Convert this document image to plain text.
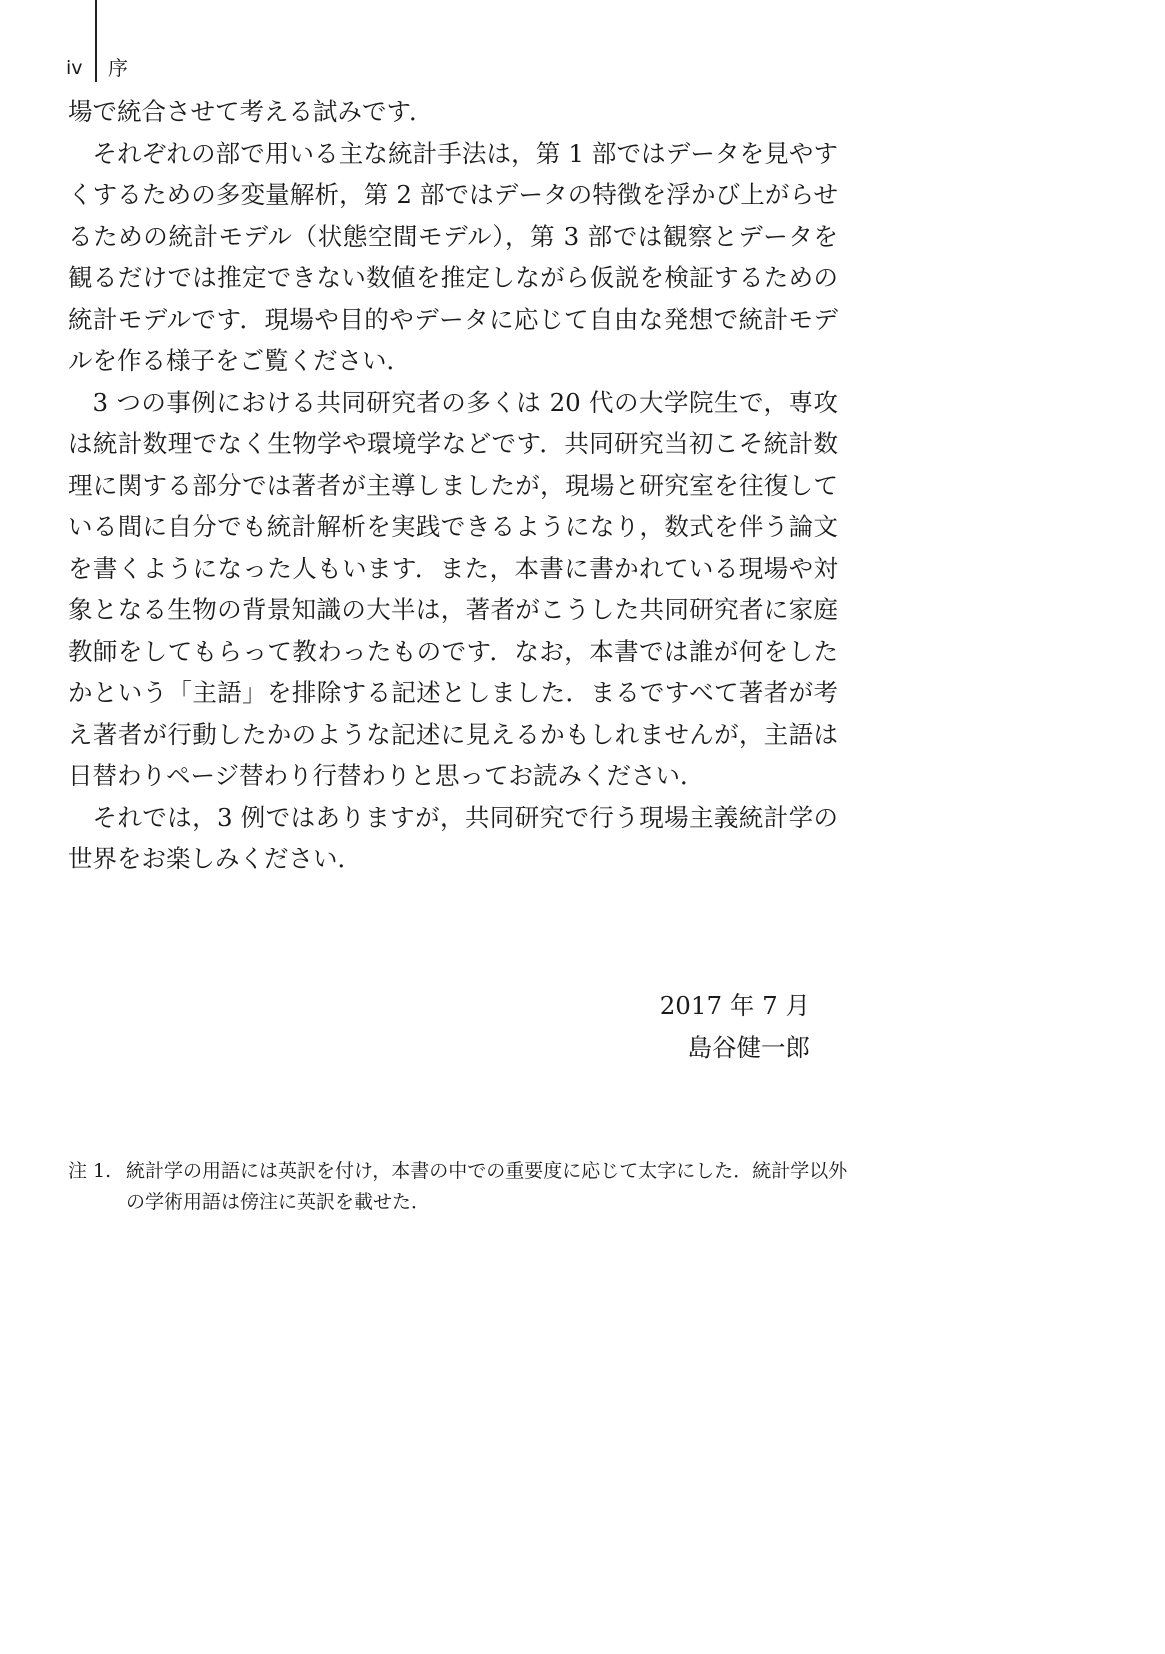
iv 序

場で統合させて考える試みです．

それぞれの部で用いる主な統計手法は，第 1 部ではデータを見やすくするための多変量解析，第 2 部ではデータの特徴を浮かび上がらせるための統計モデル（状態空間モデル），第 3 部では観察とデータを観るだけでは推定できない数値を推定しながら仮説を検証するための統計モデルです．現場や目的やデータに応じて自由な発想で統計モデルを作る様子をご覧ください．

3 つの事例における共同研究者の多くは 20 代の大学院生で，専攻は統計数理でなく生物学や環境学などです．共同研究当初こそ統計数理に関する部分では著者が主導しましたが，現場と研究室を往復している間に自分でも統計解析を実践できるようになり，数式を伴う論文を書くようになった人もいます．また，本書に書かれている現場や対象となる生物の背景知識の大半は，著者がこうした共同研究者に家庭教師をしてもらって教わったものです．なお，本書では誰が何をしたかという「主語」を排除する記述としました．まるですべて著者が考え著者が行動したかのような記述に見えるかもしれませんが，主語は日替わりページ替わり行替わりと思ってお読みください．

それでは，3 例ではありますが，共同研究で行う現場主義統計学の世界をお楽しみください．

2017 年 7 月
島谷健一郎
注 1. 統計学の用語には英訳を付け，本書の中での重要度に応じて太字にした．統計学以外の学術用語は傍注に英訳を載せた．
